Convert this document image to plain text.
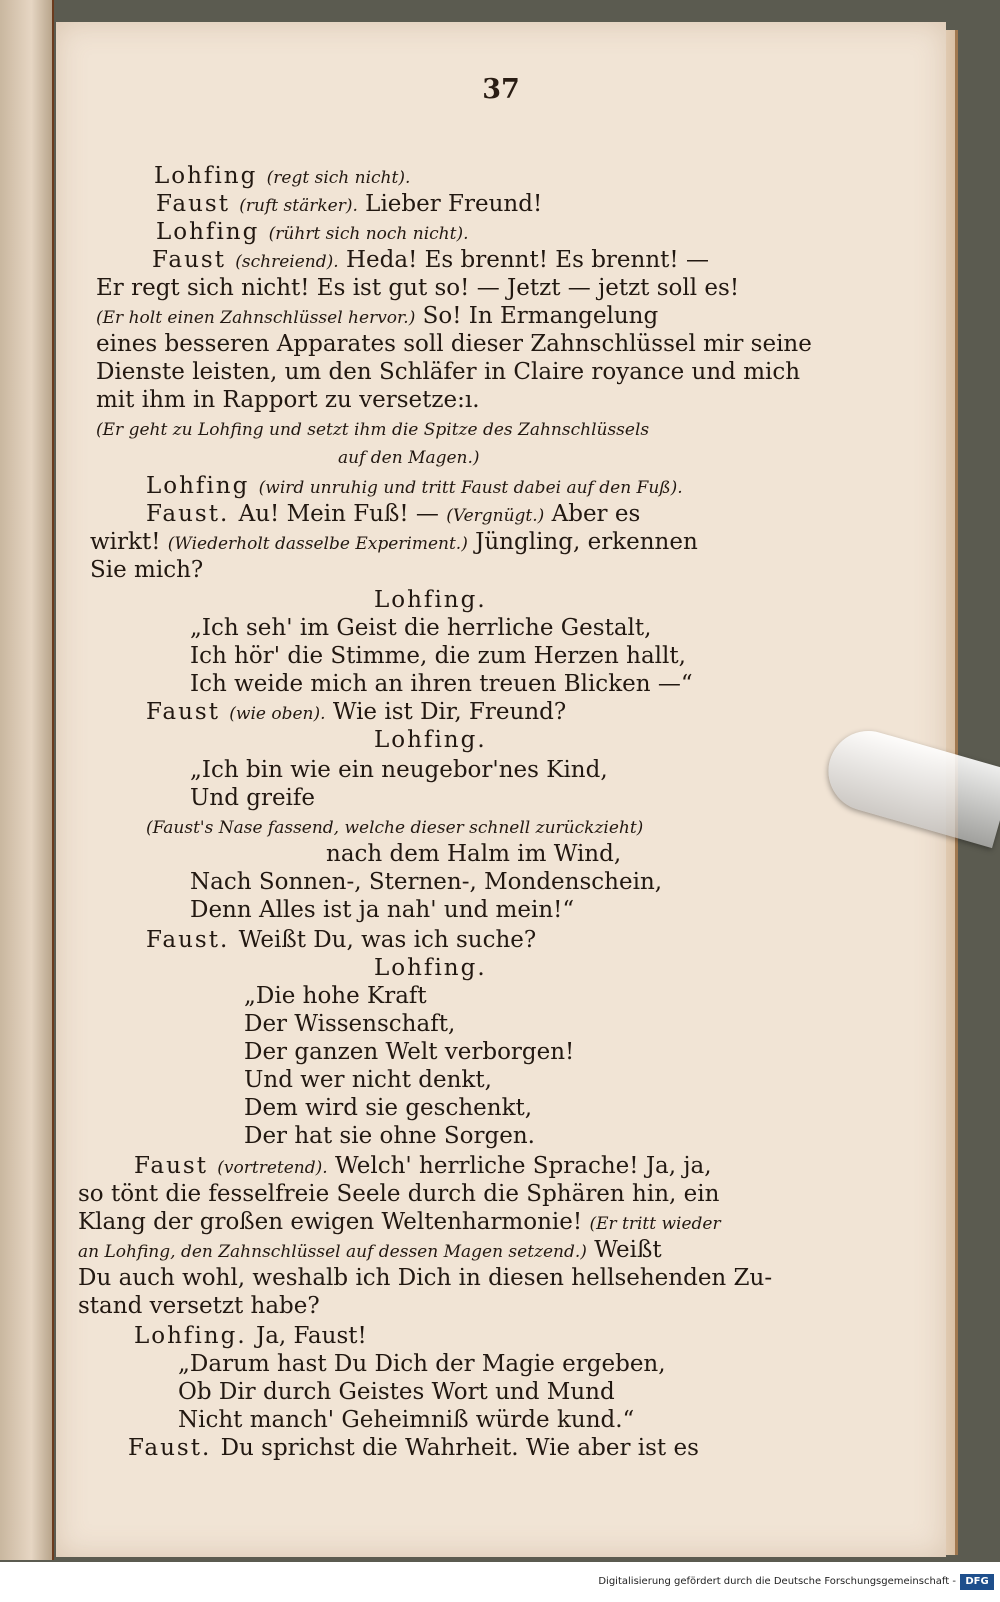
37
Lohfing (regt sich nicht).
Faust (ruft stärker). Lieber Freund!
Lohfing (rührt sich noch nicht).
Faust (schreiend). Heda! Es brennt! Es brennt! —
Er regt sich nicht! Es ist gut so! — Jetzt — jetzt soll es!
(Er holt einen Zahnschlüssel hervor.) So! In Ermangelung
eines besseren Apparates soll dieser Zahnschlüssel mir seine
Dienste leisten, um den Schläfer in Claire royance und mich
mit ihm in Rapport zu versetze:ı.
(Er geht zu Lohfing und setzt ihm die Spitze des Zahnschlüssels
auf den Magen.)
Lohfing (wird unruhig und tritt Faust dabei auf den Fuß).
Faust. Au! Mein Fuß! — (Vergnügt.) Aber es
wirkt! (Wiederholt dasselbe Experiment.) Jüngling, erkennen
Sie mich?
Lohfing.
„Ich seh' im Geist die herrliche Gestalt,
Ich hör' die Stimme, die zum Herzen hallt,
Ich weide mich an ihren treuen Blicken —“
Faust (wie oben). Wie ist Dir, Freund?
Lohfing.
„Ich bin wie ein neugebor'nes Kind,
Und greife
(Faust's Nase fassend, welche dieser schnell zurückzieht)
nach dem Halm im Wind,
Nach Sonnen-, Sternen-, Mondenschein,
Denn Alles ist ja nah' und mein!“
Faust. Weißt Du, was ich suche?
Lohfing.
„Die hohe Kraft
Der Wissenschaft,
Der ganzen Welt verborgen!
Und wer nicht denkt,
Dem wird sie geschenkt,
Der hat sie ohne Sorgen.
Faust (vortretend). Welch' herrliche Sprache! Ja, ja,
so tönt die fesselfreie Seele durch die Sphären hin, ein
Klang der großen ewigen Weltenharmonie! (Er tritt wieder
an Lohfing, den Zahnschlüssel auf dessen Magen setzend.) Weißt
Du auch wohl, weshalb ich Dich in diesen hellsehenden Zu-
stand versetzt habe?
Lohfing. Ja, Faust!
„Darum hast Du Dich der Magie ergeben,
Ob Dir durch Geistes Wort und Mund
Nicht manch' Geheimniß würde kund.“
Faust. Du sprichst die Wahrheit. Wie aber ist es
Digitalisierung gefördert durch die Deutsche Forschungsgemeinschaft - DFG
